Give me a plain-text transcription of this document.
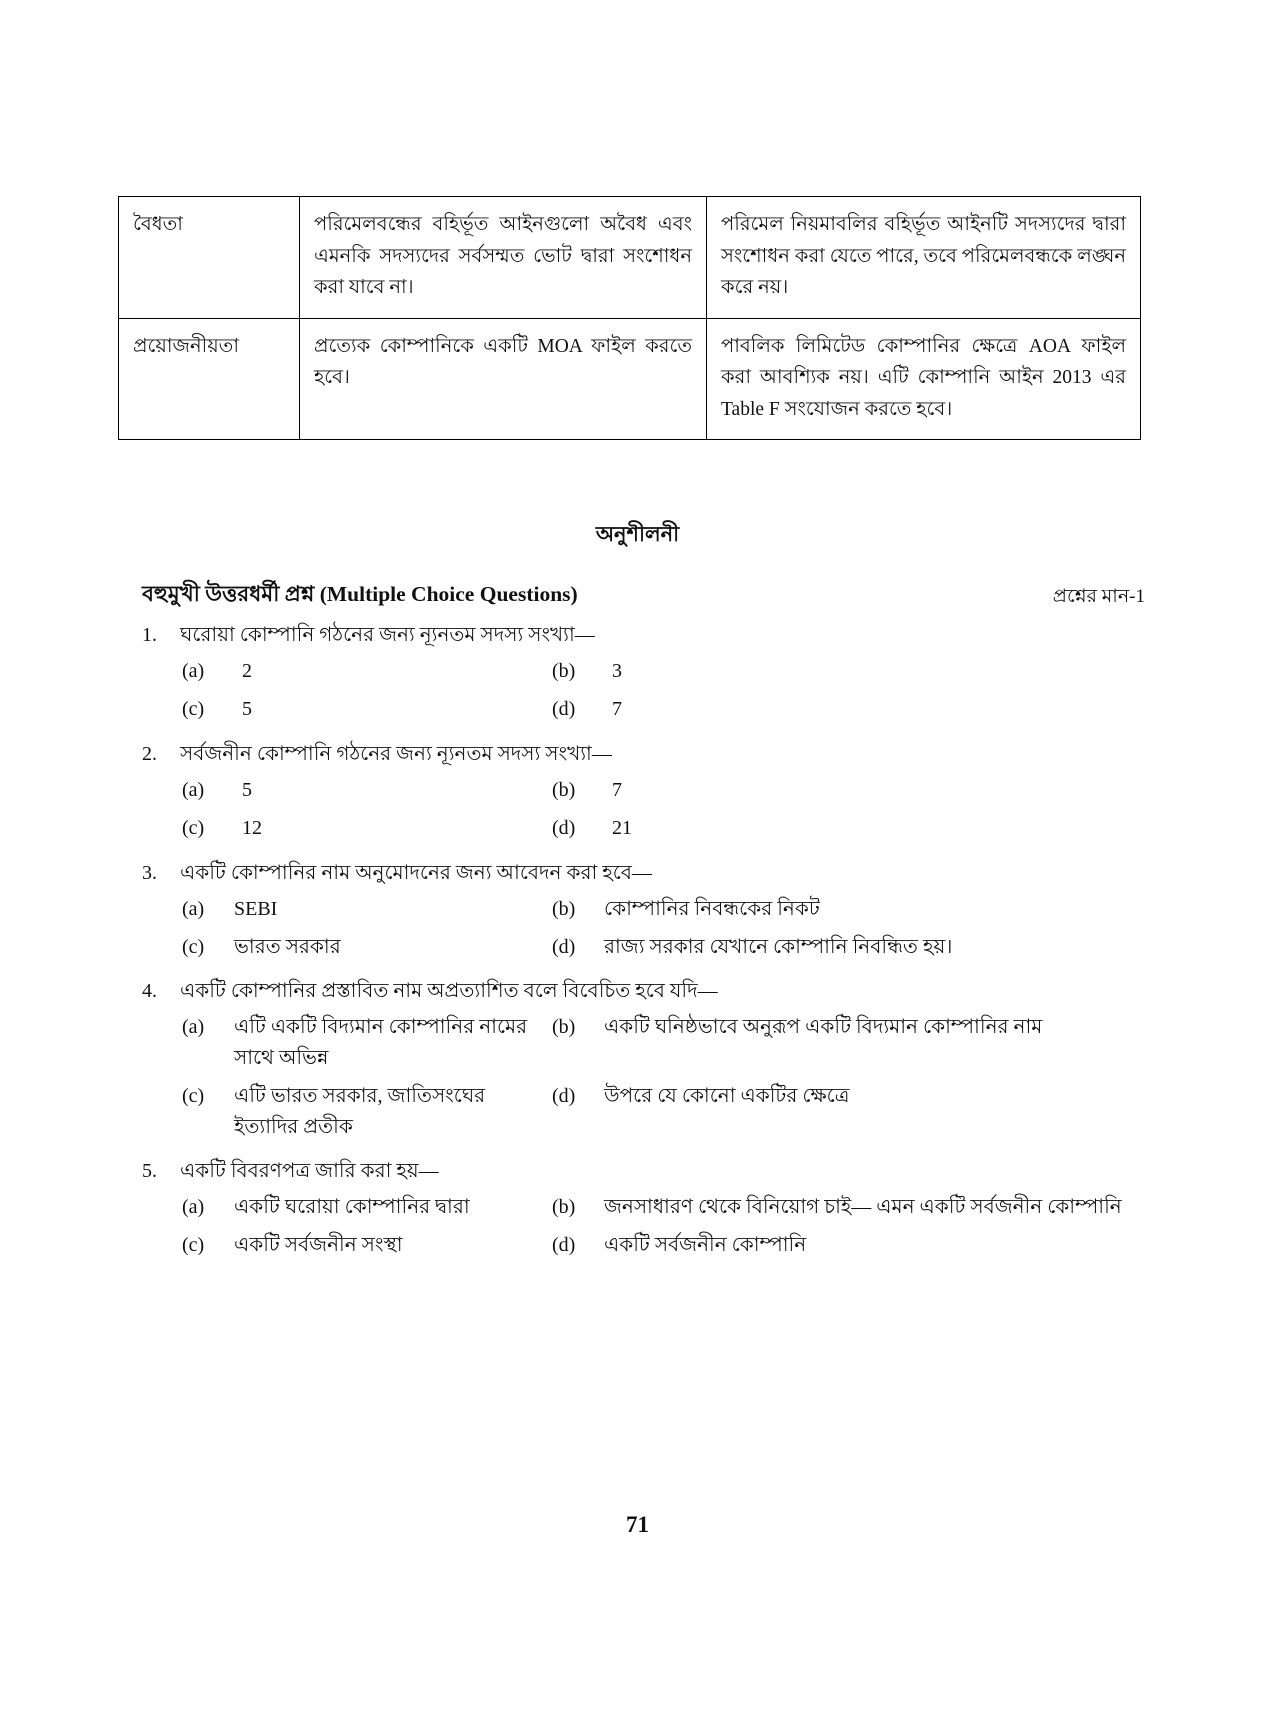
বৈধতা	পরিমেলবন্ধের বহির্ভূত আইনগুলো অবৈধ এবং এমনকি সদস্যদের সর্বসম্মত ভোট দ্বারা সংশোধন করা যাবে না।	পরিমেল নিয়মাবলির বহির্ভূত আইনটি সদস্যদের দ্বারা সংশোধন করা যেতে পারে, তবে পরিমেলবন্ধকে লঙ্ঘন করে নয়।
প্রয়োজনীয়তা	প্রত্যেক কোম্পানিকে একটি MOA ফাইল করতে হবে।	পাবলিক লিমিটেড কোম্পানির ক্ষেত্রে AOA ফাইল করা আবশ্যিক নয়। এটি কোম্পানি আইন 2013 এর Table F সংযোজন করতে হবে।
অনুশীলনী
বহুমুখী উত্তরধর্মী প্রশ্ন (Multiple Choice Questions)	প্রশ্নের মান-1
1.	ঘরোয়া কোম্পানি গঠনের জন্য ন্যূনতম সদস্য সংখ্যা—
(a)	2	(b)	3
(c)	5	(d)	7
2.	সর্বজনীন কোম্পানি গঠনের জন্য ন্যূনতম সদস্য সংখ্যা—
(a)	5	(b)	7
(c)	12	(d)	21
3.	একটি কোম্পানির নাম অনুমোদনের জন্য আবেদন করা হবে—
(a)	SEBI	(b)	কোম্পানির নিবন্ধকের নিকট
(c)	ভারত সরকার	(d)	রাজ্য সরকার যেখানে কোম্পানি নিবন্ধিত হয়।
4.	একটি কোম্পানির প্রস্তাবিত নাম অপ্রত্যাশিত বলে বিবেচিত হবে যদি—
(a)	এটি একটি বিদ্যমান কোম্পানির নামের সাথে অভিন্ন
(b)	একটি ঘনিষ্ঠভাবে অনুরূপ একটি বিদ্যমান কোম্পানির নাম
(c)	এটি ভারত সরকার, জাতিসংঘের ইত্যাদির প্রতীক
(d)	উপরে যে কোনো একটির ক্ষেত্রে
5.	একটি বিবরণপত্র জারি করা হয়—
(a)	একটি ঘরোয়া কোম্পানির দ্বারা	(b)	জনসাধারণ থেকে বিনিয়োগ চাই— এমন একটি সর্বজনীন কোম্পানি
(c)	একটি সর্বজনীন সংস্থা	(d)	একটি সর্বজনীন কোম্পানি
71
